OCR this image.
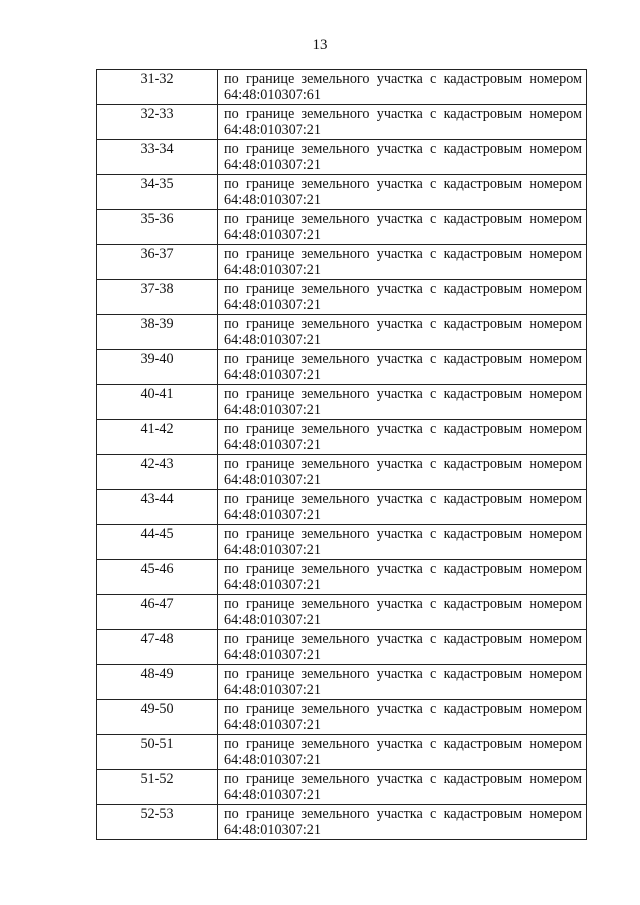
13
31-32	по границе земельного участка с кадастровым номером
64:48:010307:61

32-33	по границе земельного участка с кадастровым номером
64:48:010307:21

33-34	по границе земельного участка с кадастровым номером
64:48:010307:21

34-35	по границе земельного участка с кадастровым номером
64:48:010307:21

35-36	по границе земельного участка с кадастровым номером
64:48:010307:21

36-37	по границе земельного участка с кадастровым номером
64:48:010307:21

37-38	по границе земельного участка с кадастровым номером
64:48:010307:21

38-39	по границе земельного участка с кадастровым номером
64:48:010307:21

39-40	по границе земельного участка с кадастровым номером
64:48:010307:21

40-41	по границе земельного участка с кадастровым номером
64:48:010307:21

41-42	по границе земельного участка с кадастровым номером
64:48:010307:21

42-43	по границе земельного участка с кадастровым номером
64:48:010307:21

43-44	по границе земельного участка с кадастровым номером
64:48:010307:21

44-45	по границе земельного участка с кадастровым номером
64:48:010307:21

45-46	по границе земельного участка с кадастровым номером
64:48:010307:21

46-47	по границе земельного участка с кадастровым номером
64:48:010307:21

47-48	по границе земельного участка с кадастровым номером
64:48:010307:21

48-49	по границе земельного участка с кадастровым номером
64:48:010307:21

49-50	по границе земельного участка с кадастровым номером
64:48:010307:21

50-51	по границе земельного участка с кадастровым номером
64:48:010307:21

51-52	по границе земельного участка с кадастровым номером
64:48:010307:21

52-53	по границе земельного участка с кадастровым номером
64:48:010307:21
